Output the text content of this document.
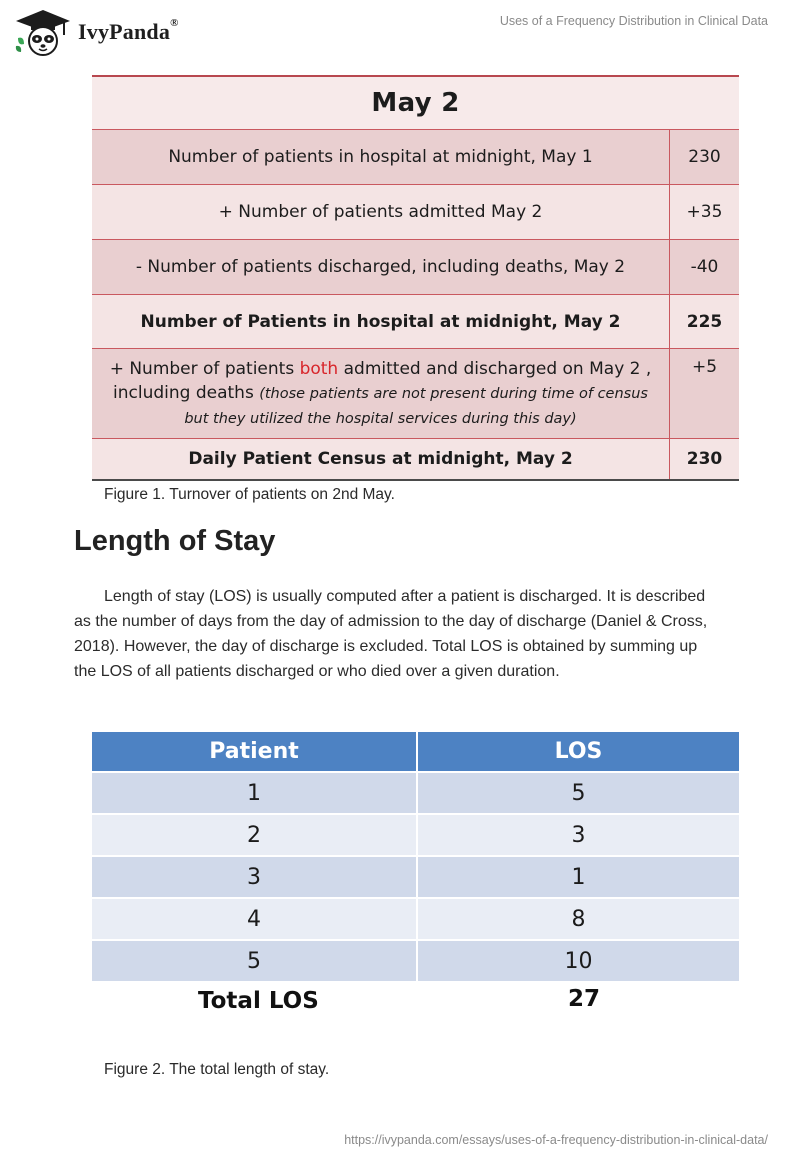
IvyPanda®	Uses of a Frequency Distribution in Clinical Data
May 2	
Number of patients in hospital at midnight, May 1	230
+ Number of patients admitted May 2	+35
- Number of patients discharged, including deaths, May 2	-40
Number of Patients in hospital at midnight, May 2	225
+ Number of patients both admitted and discharged on May 2 , including deaths (those patients are not present during time of census but they utilized the hospital services during this day)	+5
Daily Patient Census at midnight, May 2	230
Figure 1. Turnover of patients on 2nd May.
Length of Stay

Length of stay (LOS) is usually computed after a patient is discharged. It is described as the number of days from the day of admission to the day of discharge (Daniel & Cross, 2018). However, the day of discharge is excluded. Total LOS is obtained by summing up the LOS of all patients discharged or who died over a given duration.

Patient	LOS
1	5
2	3
3	1
4	8
5	10
Total LOS	27
Figure 2. The total length of stay.
https://ivypanda.com/essays/uses-of-a-frequency-distribution-in-clinical-data/
